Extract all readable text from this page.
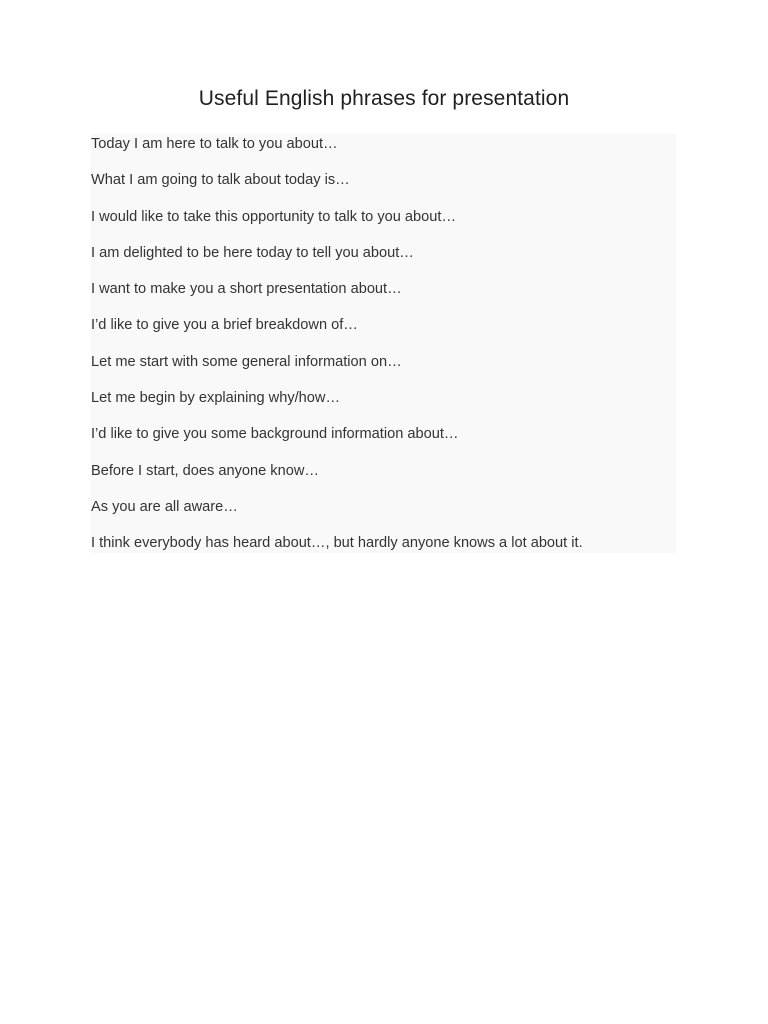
Useful English phrases for presentation
Today I am here to talk to you about…
What I am going to talk about today is…
I would like to take this opportunity to talk to you about…
I am delighted to be here today to tell you about…
I want to make you a short presentation about…
I’d like to give you a brief breakdown of…
Let me start with some general information on…
Let me begin by explaining why/how…
I’d like to give you some background information about…
Before I start, does anyone know…
As you are all aware…
I think everybody has heard about…, but hardly anyone knows a lot about it.
